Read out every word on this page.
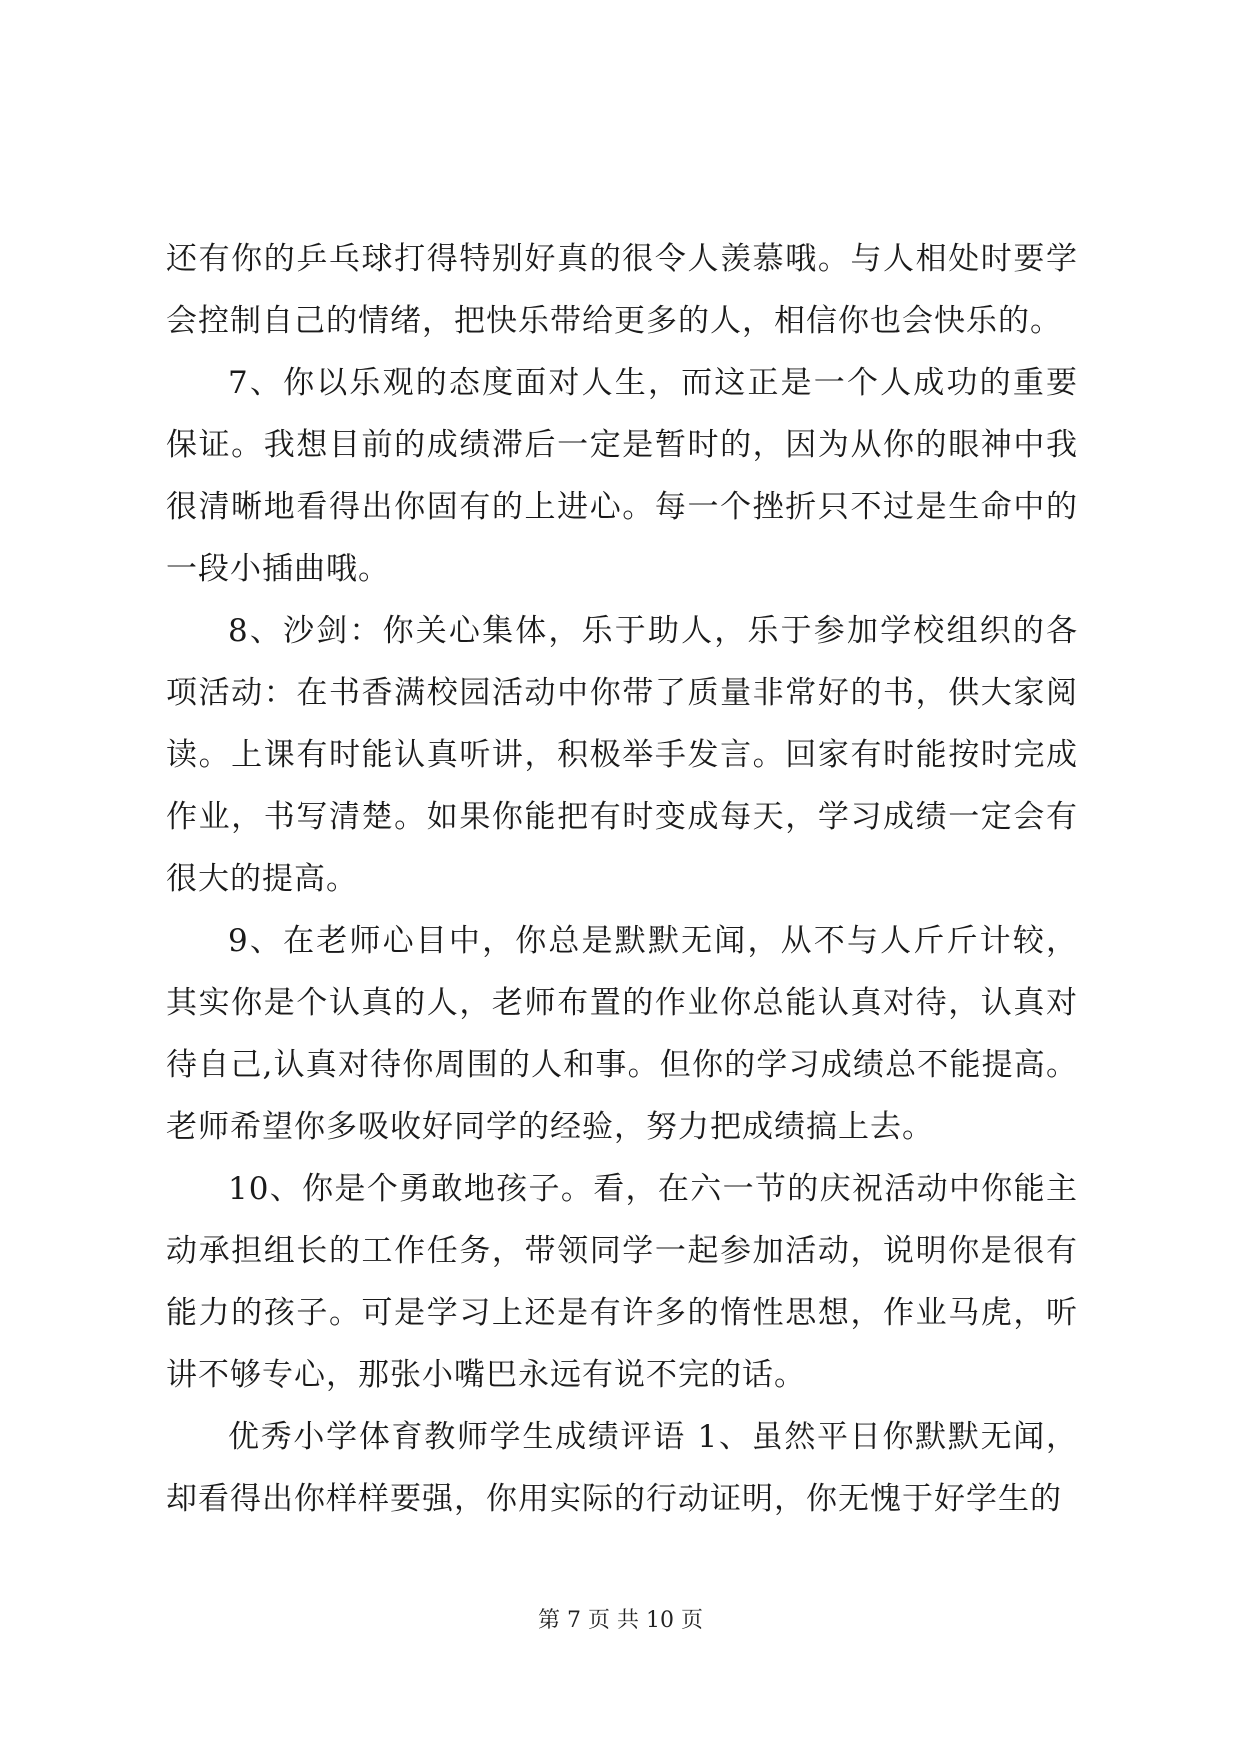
还有你的乒乓球打得特别好真的很令人羡慕哦。与人相处时要学会控制自己的情绪，把快乐带给更多的人，相信你也会快乐的。

7、你以乐观的态度面对人生，而这正是一个人成功的重要保证。我想目前的成绩滞后一定是暂时的，因为从你的眼神中我很清晰地看得出你固有的上进心。每一个挫折只不过是生命中的一段小插曲哦。

8、沙剑：你关心集体，乐于助人，乐于参加学校组织的各项活动：在书香满校园活动中你带了质量非常好的书，供大家阅读。上课有时能认真听讲，积极举手发言。回家有时能按时完成作业，书写清楚。如果你能把有时变成每天，学习成绩一定会有很大的提高。

9、在老师心目中，你总是默默无闻，从不与人斤斤计较，其实你是个认真的人，老师布置的作业你总能认真对待，认真对待自己,认真对待你周围的人和事。但你的学习成绩总不能提高。老师希望你多吸收好同学的经验，努力把成绩搞上去。

10、你是个勇敢地孩子。看，在六一节的庆祝活动中你能主动承担组长的工作任务，带领同学一起参加活动，说明你是很有能力的孩子。可是学习上还是有许多的惰性思想，作业马虎，听讲不够专心，那张小嘴巴永远有说不完的话。

优秀小学体育教师学生成绩评语 1、虽然平日你默默无闻，却看得出你样样要强，你用实际的行动证明，你无愧于好学生的

第 7 页 共 10 页
